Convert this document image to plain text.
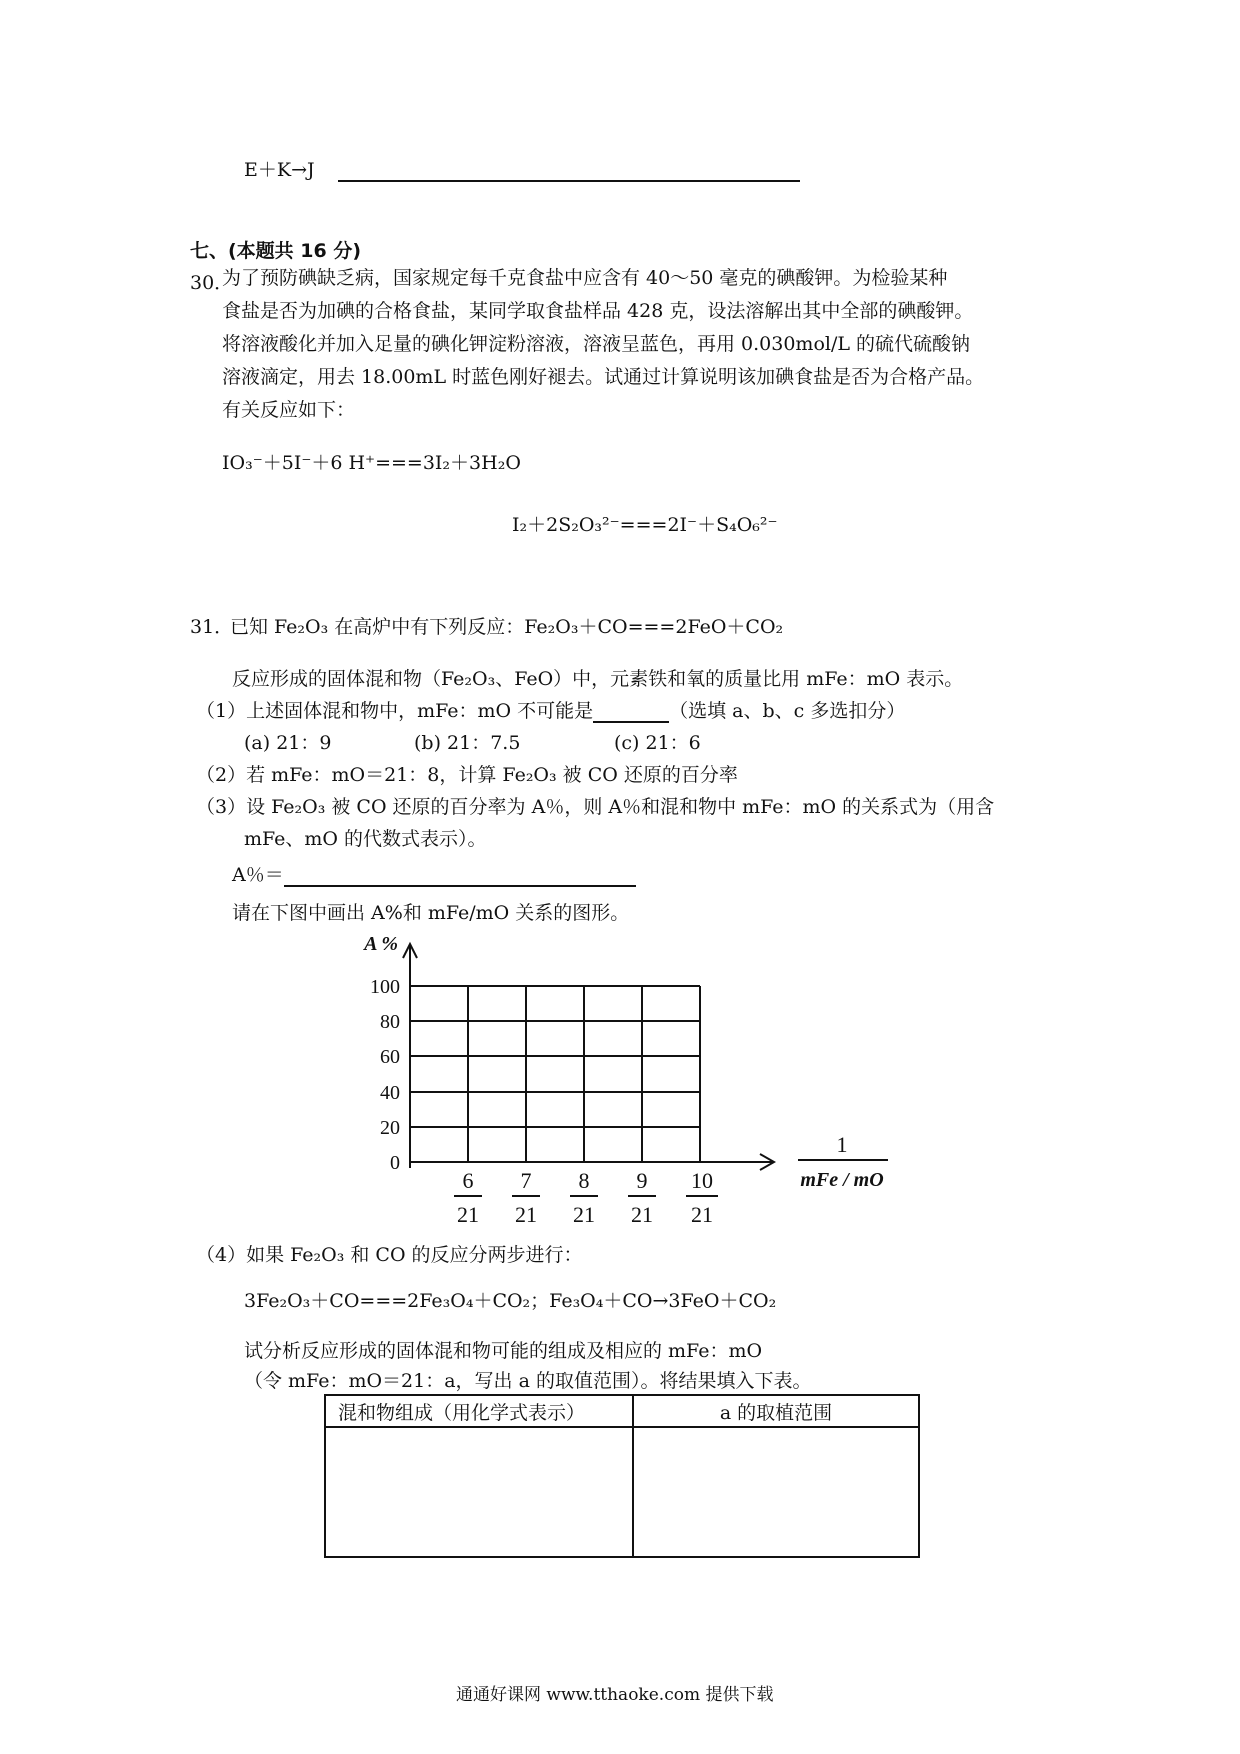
E＋K→J
七、(本题共 16 分)
30．
为了预防碘缺乏病，国家规定每千克食盐中应含有 40～50 毫克的碘酸钾。为检验某种
食盐是否为加碘的合格食盐，某同学取食盐样品 428 克，设法溶解出其中全部的碘酸钾。
将溶液酸化并加入足量的碘化钾淀粉溶液，溶液呈蓝色，再用 0.030mol/L 的硫代硫酸钠
溶液滴定，用去 18.00mL 时蓝色刚好褪去。试通过计算说明该加碘食盐是否为合格产品。
有关反应如下：
IO₃⁻＋5I⁻＋6 H⁺===3I₂＋3H₂O
I₂＋2S₂O₃²⁻===2I⁻＋S₄O₆²⁻
31．
已知 Fe₂O₃ 在高炉中有下列反应：Fe₂O₃＋CO===2FeO＋CO₂
反应形成的固体混和物（Fe₂O₃、FeO）中，元素铁和氧的质量比用 mFe：mO 表示。
（1）上述固体混和物中，mFe：mO 不可能是	（选填 a、b、c 多选扣分）
(a) 21：9	(b) 21：7.5	(c) 21：6
（2）若 mFe：mO＝21：8，计算 Fe₂O₃ 被 CO 还原的百分率
（3）设 Fe₂O₃ 被 CO 还原的百分率为 A％，则 A％和混和物中 mFe：mO 的关系式为（用含
mFe、mO 的代数式表示）。
A％＝
请在下图中画出 A%和 mFe/mO 关系的图形。
A %
100
80
60
40
20
0
6
21
7
21
8
21
9
21
10
21
1
mFe / mO
（4）如果 Fe₂O₃ 和 CO 的反应分两步进行：
3Fe₂O₃＋CO===2Fe₃O₄＋CO₂；Fe₃O₄＋CO→3FeO＋CO₂
试分析反应形成的固体混和物可能的组成及相应的 mFe：mO
（令 mFe：mO＝21：a，写出 a 的取值范围）。将结果填入下表。
混和物组成（用化学式表示）	a 的取植范围

通通好课网 www.tthaoke.com 提供下载
